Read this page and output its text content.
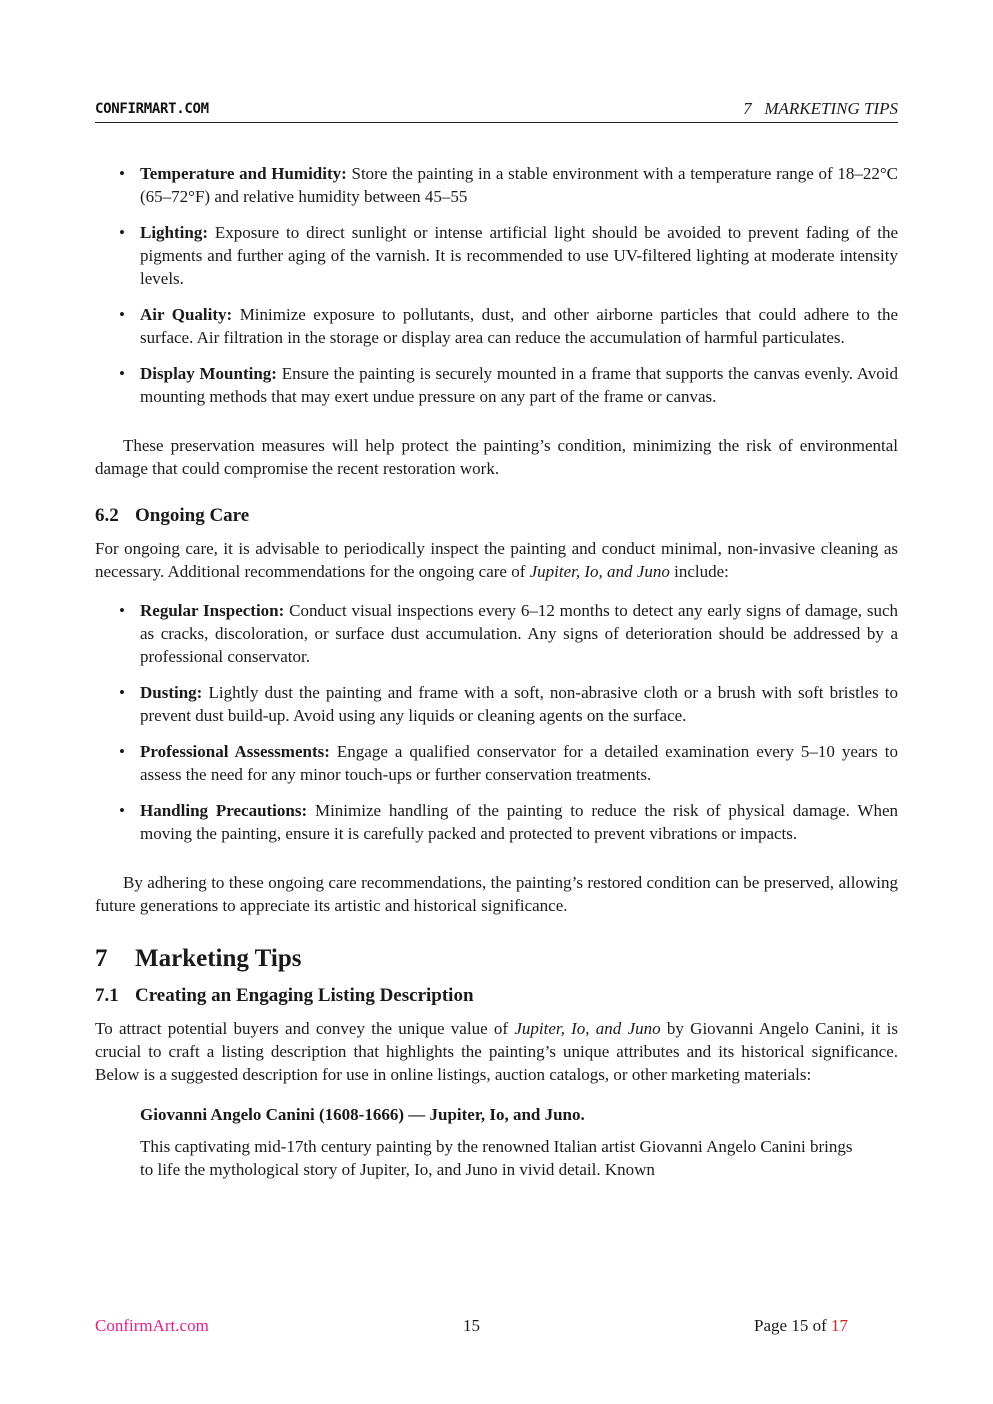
CONFIRMART.COM	7   MARKETING TIPS
• Temperature and Humidity: Store the painting in a stable environment with a temperature range of 18–22°C (65–72°F) and relative humidity between 45–55
• Lighting: Exposure to direct sunlight or intense artificial light should be avoided to prevent fading of the pigments and further aging of the varnish. It is recommended to use UV-filtered lighting at moderate intensity levels.
• Air Quality: Minimize exposure to pollutants, dust, and other airborne particles that could adhere to the surface. Air filtration in the storage or display area can reduce the accumulation of harmful particulates.
• Display Mounting: Ensure the painting is securely mounted in a frame that supports the canvas evenly. Avoid mounting methods that may exert undue pressure on any part of the frame or canvas.

These preservation measures will help protect the painting’s condition, minimizing the risk of environmental damage that could compromise the recent restoration work.

6.2 Ongoing Care

For ongoing care, it is advisable to periodically inspect the painting and conduct minimal, non-invasive cleaning as necessary. Additional recommendations for the ongoing care of Jupiter, Io, and Juno include:

• Regular Inspection: Conduct visual inspections every 6–12 months to detect any early signs of damage, such as cracks, discoloration, or surface dust accumulation. Any signs of deterioration should be addressed by a professional conservator.
• Dusting: Lightly dust the painting and frame with a soft, non-abrasive cloth or a brush with soft bristles to prevent dust build-up. Avoid using any liquids or cleaning agents on the surface.
• Professional Assessments: Engage a qualified conservator for a detailed examination every 5–10 years to assess the need for any minor touch-ups or further conservation treatments.
• Handling Precautions: Minimize handling of the painting to reduce the risk of physical damage. When moving the painting, ensure it is carefully packed and protected to prevent vibrations or impacts.

By adhering to these ongoing care recommendations, the painting’s restored condition can be preserved, allowing future generations to appreciate its artistic and historical significance.

7 Marketing Tips
7.1 Creating an Engaging Listing Description

To attract potential buyers and convey the unique value of Jupiter, Io, and Juno by Giovanni Angelo Canini, it is crucial to craft a listing description that highlights the painting’s unique attributes and its historical significance. Below is a suggested description for use in online listings, auction catalogs, or other marketing materials:

Giovanni Angelo Canini (1608-1666) — Jupiter, Io, and Juno.

This captivating mid-17th century painting by the renowned Italian artist Giovanni Angelo Canini brings to life the mythological story of Jupiter, Io, and Juno in vivid detail. Known

ConfirmArt.com	15	Page 15 of 17
